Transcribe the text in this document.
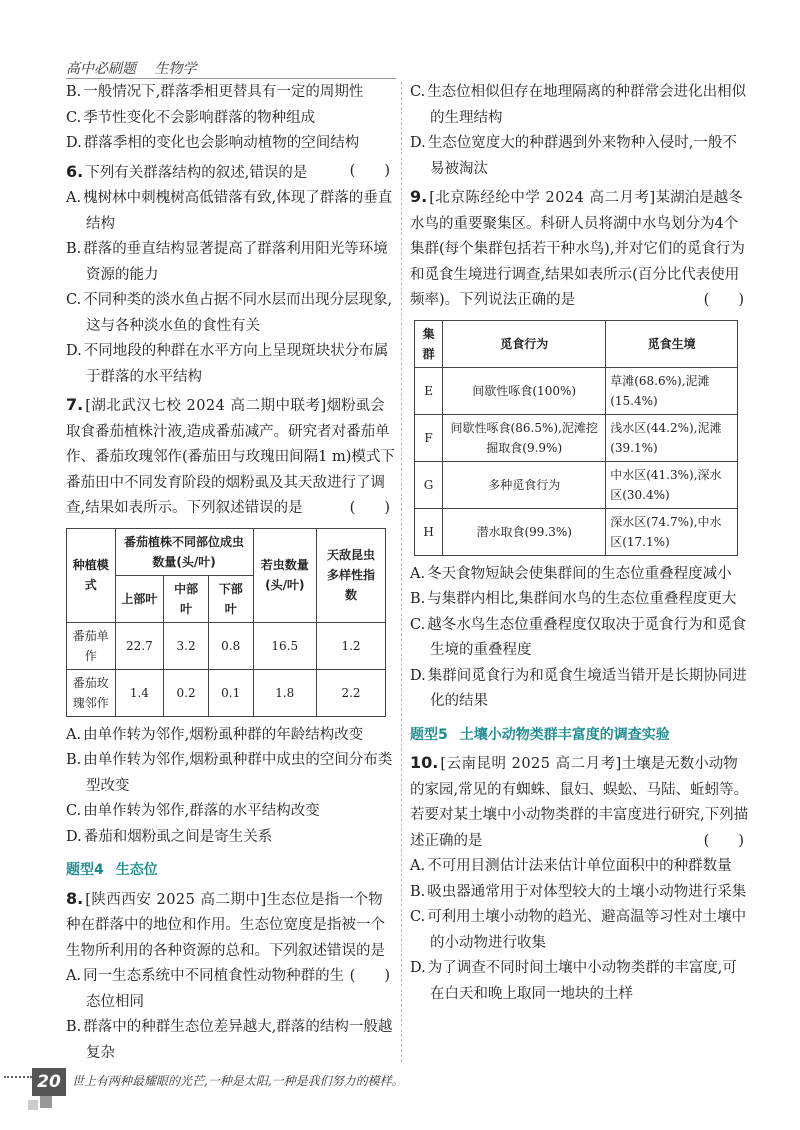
高中必刷题 生物学

B. 一般情况下,群落季相更替具有一定的周期性

C. 季节性变化不会影响群落的物种组成

D. 群落季相的变化也会影响动植物的空间结构

6. 下列有关群落结构的叙述,错误的是	(　　)

A. 槐树林中刺槐树高低错落有致,体现了群落的垂直结构

B. 群落的垂直结构显著提高了群落利用阳光等环境资源的能力

C. 不同种类的淡水鱼占据不同水层而出现分层现象,这与各种淡水鱼的食性有关

D. 不同地段的种群在水平方向上呈现斑块状分布属于群落的水平结构

7. [湖北武汉七校 2024 高二期中联考]烟粉虱会取食番茄植株汁液,造成番茄减产。研究者对番茄单作、番茄玫瑰邻作(番茄田与玫瑰田间隔1 m)模式下番茄田中不同发育阶段的烟粉虱及其天敌进行了调查,结果如表所示。下列叙述错误的是	(　　)

种植模式	番茄植株不同部位成虫数量(头/叶)			若虫数量(头/叶)	天敌昆虫多样性指数
	上部叶	中部叶	下部叶		
番茄单作	22.7	3.2	0.8	16.5	1.2
番茄玫瑰邻作	1.4	0.2	0.1	1.8	2.2

A. 由单作转为邻作,烟粉虱种群的年龄结构改变

B. 由单作转为邻作,烟粉虱种群中成虫的空间分布类型改变

C. 由单作转为邻作,群落的水平结构改变

D. 番茄和烟粉虱之间是寄生关系

题型4 生态位

8. [陕西西安 2025 高二期中]生态位是指一个物种在群落中的地位和作用。生态位宽度是指被一个生物所利用的各种资源的总和。下列叙述错误的是
(　　)

A. 同一生态系统中不同植食性动物种群的生态位相同

B. 群落中的种群生态位差异越大,群落的结构一般越复杂

C. 生态位相似但存在地理隔离的种群常会进化出相似的生理结构

D. 生态位宽度大的种群遇到外来物种入侵时,一般不易被淘汰

9. [北京陈经纶中学 2024 高二月考]某湖泊是越冬水鸟的重要聚集区。科研人员将湖中水鸟划分为4个集群(每个集群包括若干种水鸟),并对它们的觅食行为和觅食生境进行调查,结果如表所示(百分比代表使用频率)。下列说法正确的是	(　　)

集群	觅食行为	觅食生境
E	间歇性啄食(100%)	草滩(68.6%),泥滩(15.4%)
F	间歇性啄食(86.5%),泥滩挖掘取食(9.9%)	浅水区(44.2%),泥滩(39.1%)
G	多种觅食行为	中水区(41.3%),深水区(30.4%)
H	潜水取食(99.3%)	深水区(74.7%),中水区(17.1%)

A. 冬天食物短缺会使集群间的生态位重叠程度减小

B. 与集群内相比,集群间水鸟的生态位重叠程度更大

C. 越冬水鸟生态位重叠程度仅取决于觅食行为和觅食生境的重叠程度

D. 集群间觅食行为和觅食生境适当错开是长期协同进化的结果

题型5 土壤小动物类群丰富度的调查实验

10. [云南昆明 2025 高二月考]土壤是无数小动物的家园,常见的有蜘蛛、鼠妇、蜈蚣、马陆、蚯蚓等。若要对某土壤中小动物类群的丰富度进行研究,下列描述正确的是	(　　)

A. 不可用目测估计法来估计单位面积中的种群数量

B. 吸虫器通常用于对体型较大的土壤小动物进行采集

C. 可利用土壤小动物的趋光、避高温等习性对土壤中的小动物进行收集

D. 为了调查不同时间土壤中小动物类群的丰富度,可在白天和晚上取同一地块的土样

20 世上有两种最耀眼的光芒,一种是太阳,一种是我们努力的模样。
